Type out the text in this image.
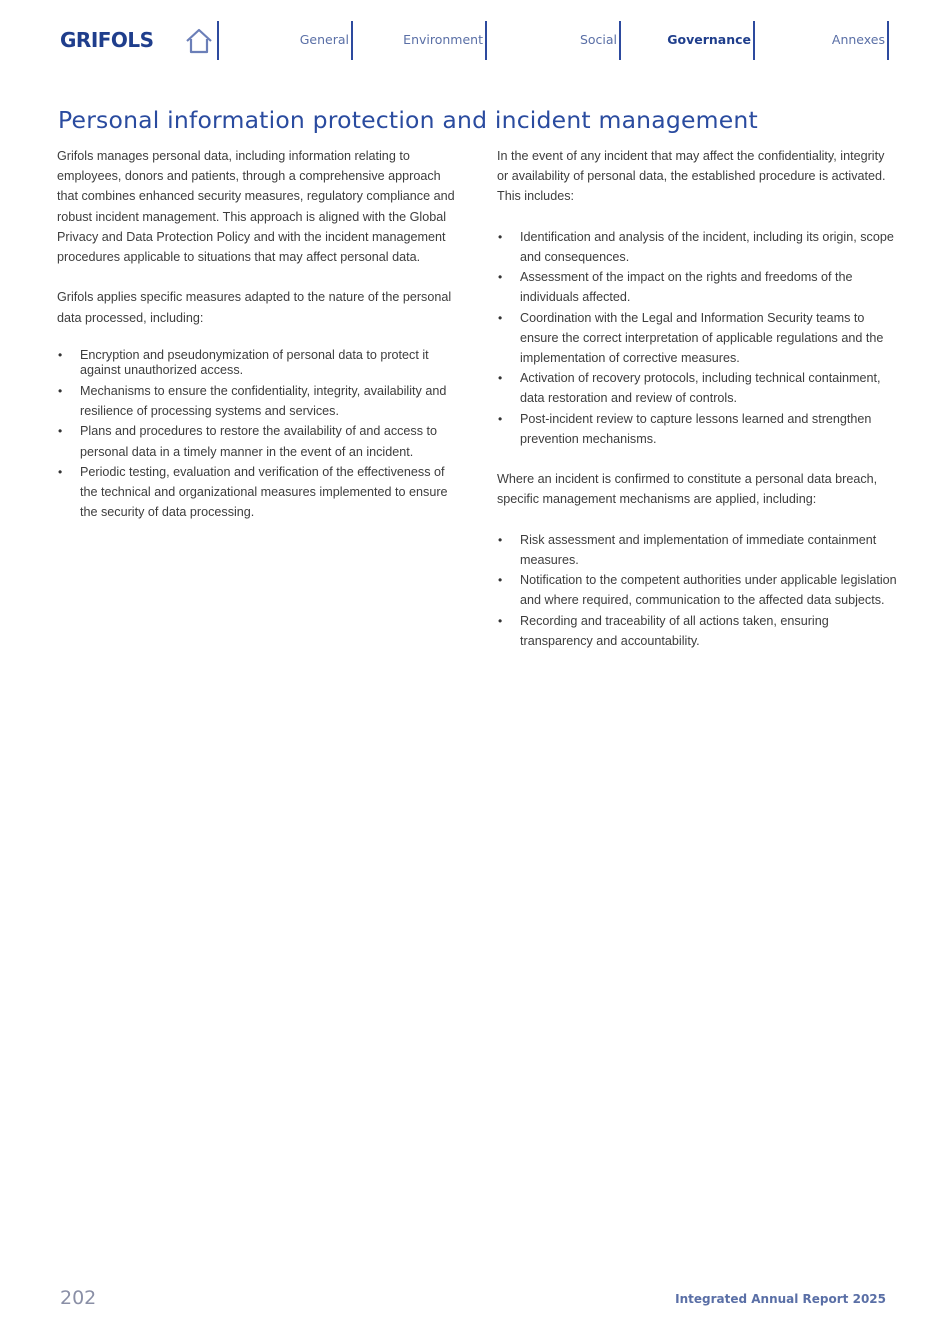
GRIFOLS	General	Environment	Social	Governance	Annexes
Personal information protection and incident management

Grifols manages personal data, including information relating to employees, donors and patients, through a comprehensive approach that combines enhanced security measures, regulatory compliance and robust incident management. This approach is aligned with the Global Privacy and Data Protection Policy and with the incident management procedures applicable to situations that may affect personal data.

Grifols applies specific measures adapted to the nature of the personal data processed, including:

• Encryption and pseudonymization of personal data to protect it against unauthorized access.
• Mechanisms to ensure the confidentiality, integrity, availability and resilience of processing systems and services.
• Plans and procedures to restore the availability of and access to personal data in a timely manner in the event of an incident.
• Periodic testing, evaluation and verification of the effectiveness of the technical and organizational measures implemented to ensure the security of data processing.

In the event of any incident that may affect the confidentiality, integrity or availability of personal data, the established procedure is activated. This includes:

• Identification and analysis of the incident, including its origin, scope and consequences.
• Assessment of the impact on the rights and freedoms of the individuals affected.
• Coordination with the Legal and Information Security teams to ensure the correct interpretation of applicable regulations and the implementation of corrective measures.
• Activation of recovery protocols, including technical containment, data restoration and review of controls.
• Post-incident review to capture lessons learned and strengthen prevention mechanisms.

Where an incident is confirmed to constitute a personal data breach, specific management mechanisms are applied, including:

• Risk assessment and implementation of immediate containment measures.
• Notification to the competent authorities under applicable legislation and where required, communication to the affected data subjects.
• Recording and traceability of all actions taken, ensuring transparency and accountability.
202	Integrated Annual Report 2025
